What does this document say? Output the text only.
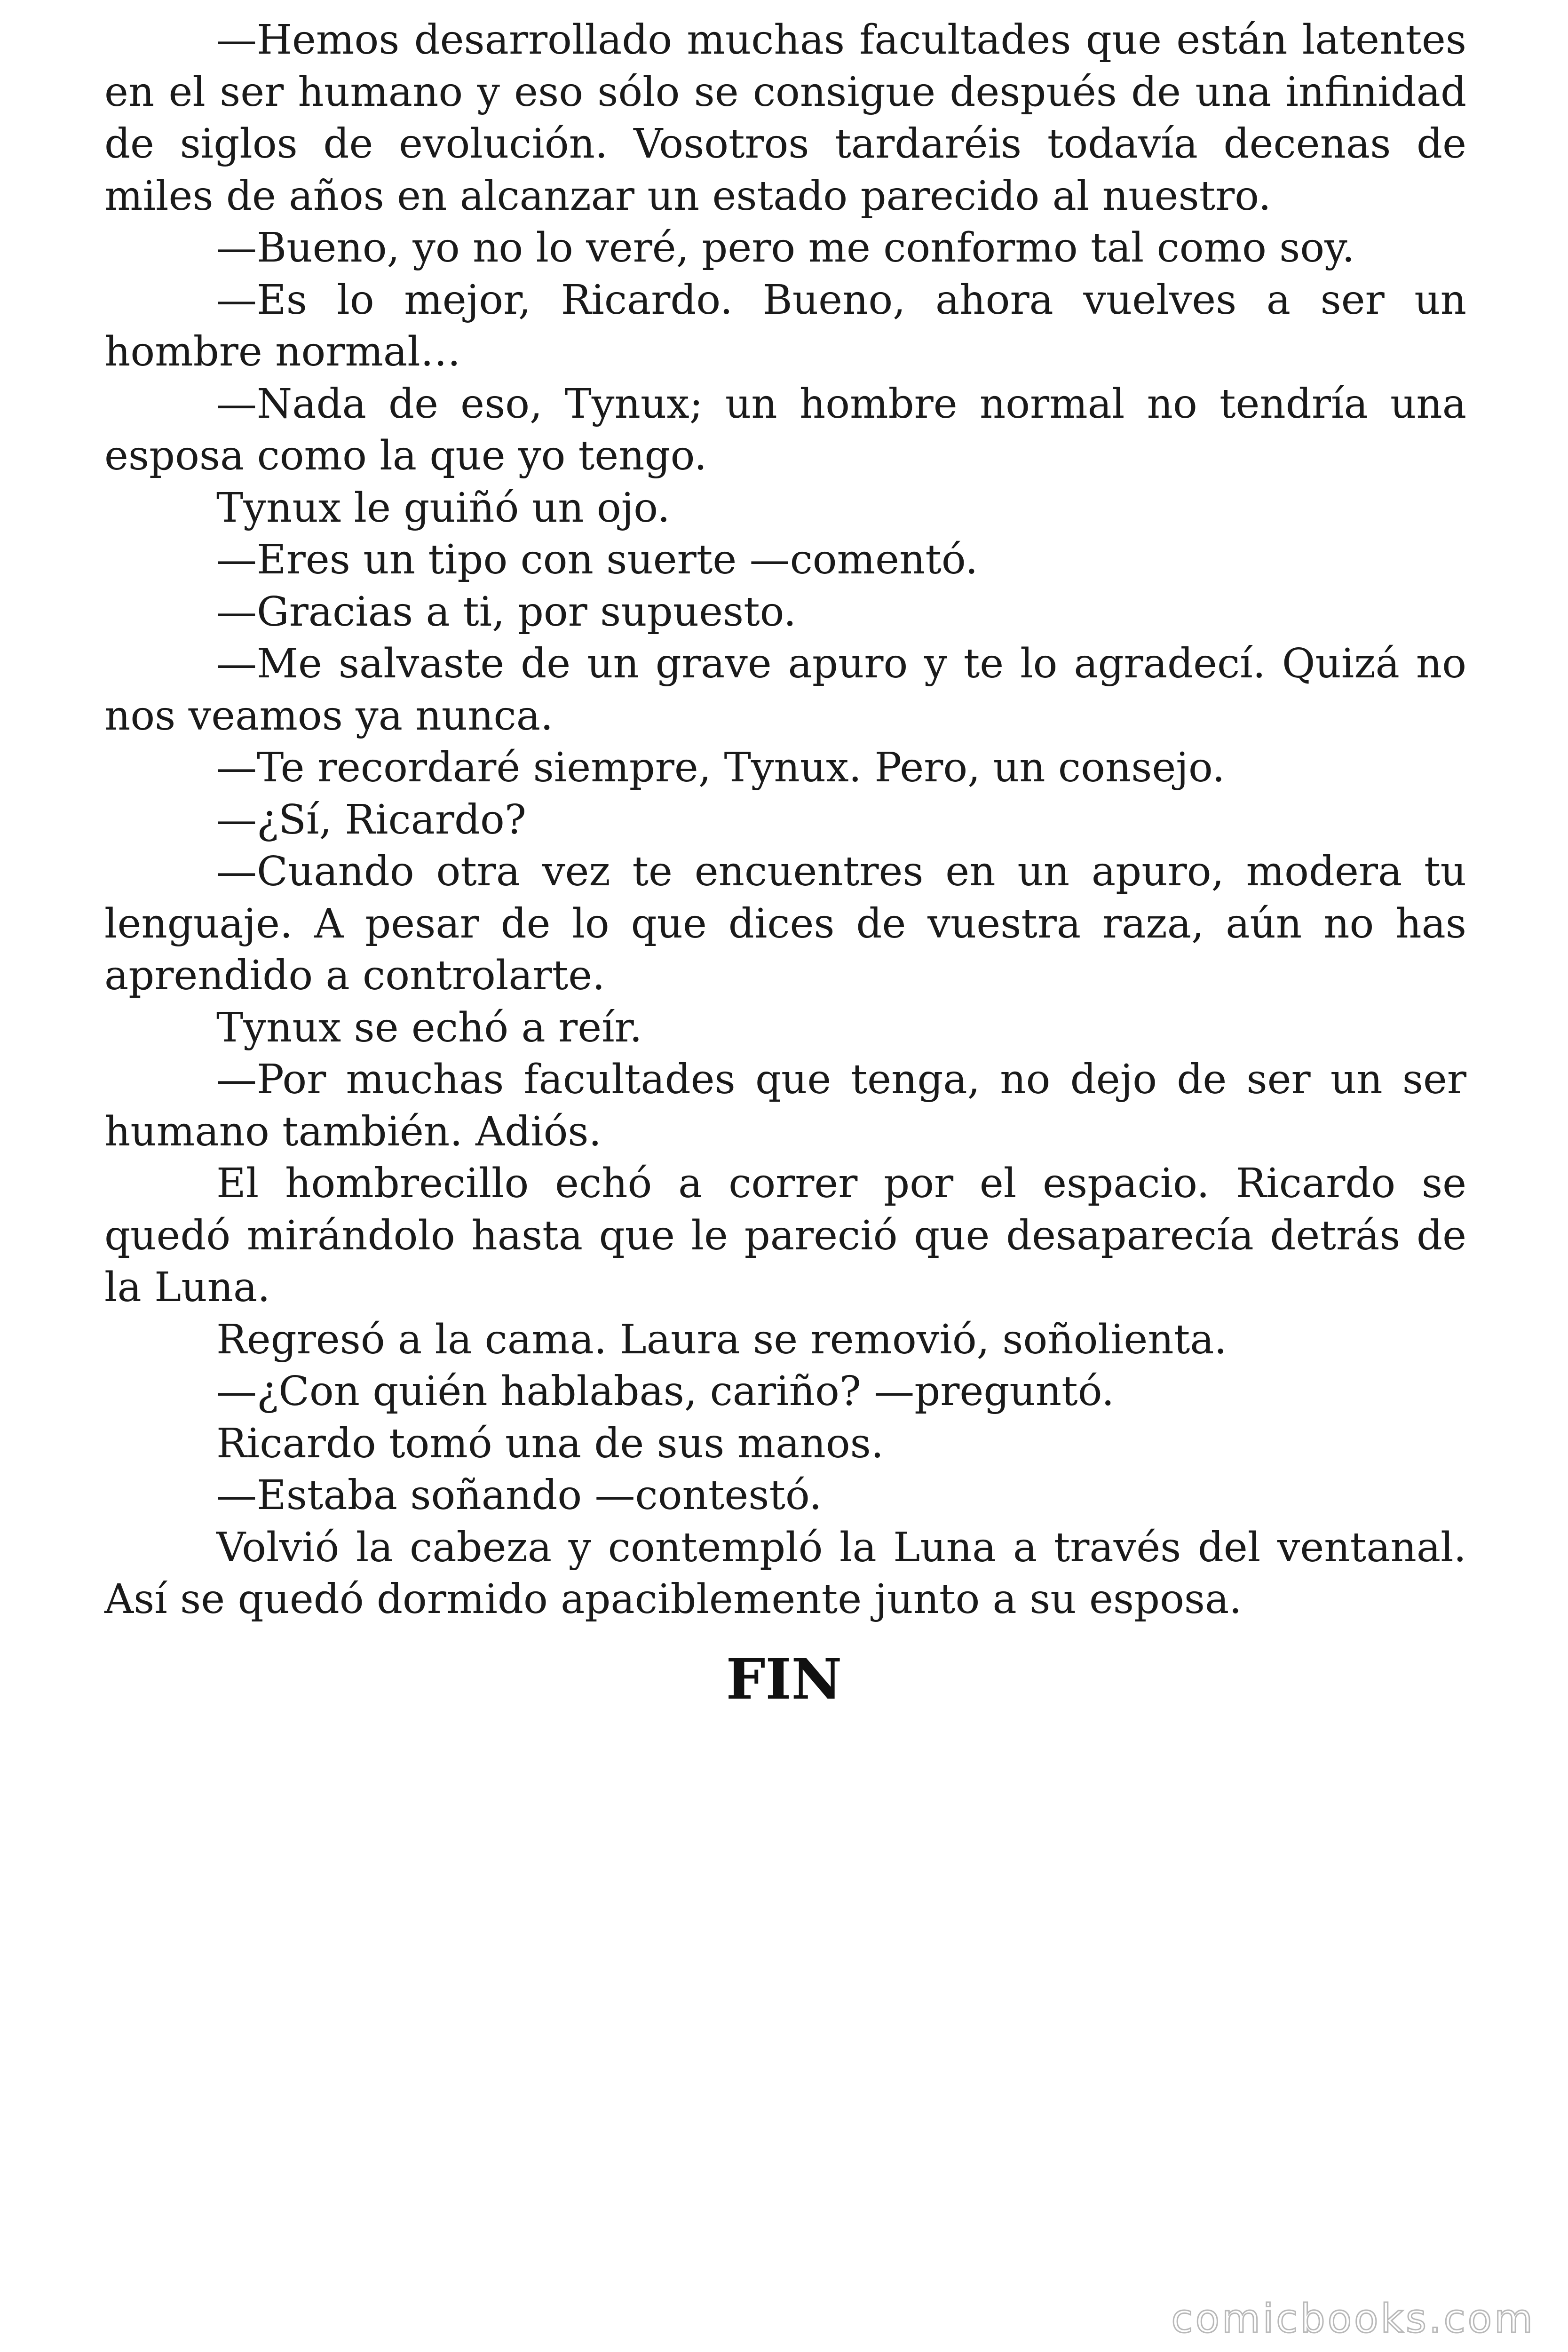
—Hemos desarrollado muchas facultades que están latentes en el ser humano y eso sólo se consigue después de una infinidad de siglos de evolución. Vosotros tardaréis todavía decenas de miles de años en alcanzar un estado parecido al nuestro.

—Bueno, yo no lo veré, pero me conformo tal como soy.

—Es lo mejor, Ricardo. Bueno, ahora vuelves a ser un hombre normal…

—Nada de eso, Tynux; un hombre normal no tendría una esposa como la que yo tengo.

Tynux le guiñó un ojo.

—Eres un tipo con suerte —comentó.

—Gracias a ti, por supuesto.

—Me salvaste de un grave apuro y te lo agradecí. Quizá no nos veamos ya nunca.

—Te recordaré siempre, Tynux. Pero, un consejo.

—¿Sí, Ricardo?

—Cuando otra vez te encuentres en un apuro, modera tu lenguaje. A pesar de lo que dices de vuestra raza, aún no has aprendido a controlarte.

Tynux se echó a reír.

—Por muchas facultades que tenga, no dejo de ser un ser humano también. Adiós.

El hombrecillo echó a correr por el espacio. Ricardo se quedó mirándolo hasta que le pareció que desaparecía detrás de la Luna.

Regresó a la cama. Laura se removió, soñolienta.

—¿Con quién hablabas, cariño? —preguntó.

Ricardo tomó una de sus manos.

—Estaba soñando —contestó.

Volvió la cabeza y contempló la Luna a través del ventanal. Así se quedó dormido apaciblemente junto a su esposa.

FIN
comicbooks.com
